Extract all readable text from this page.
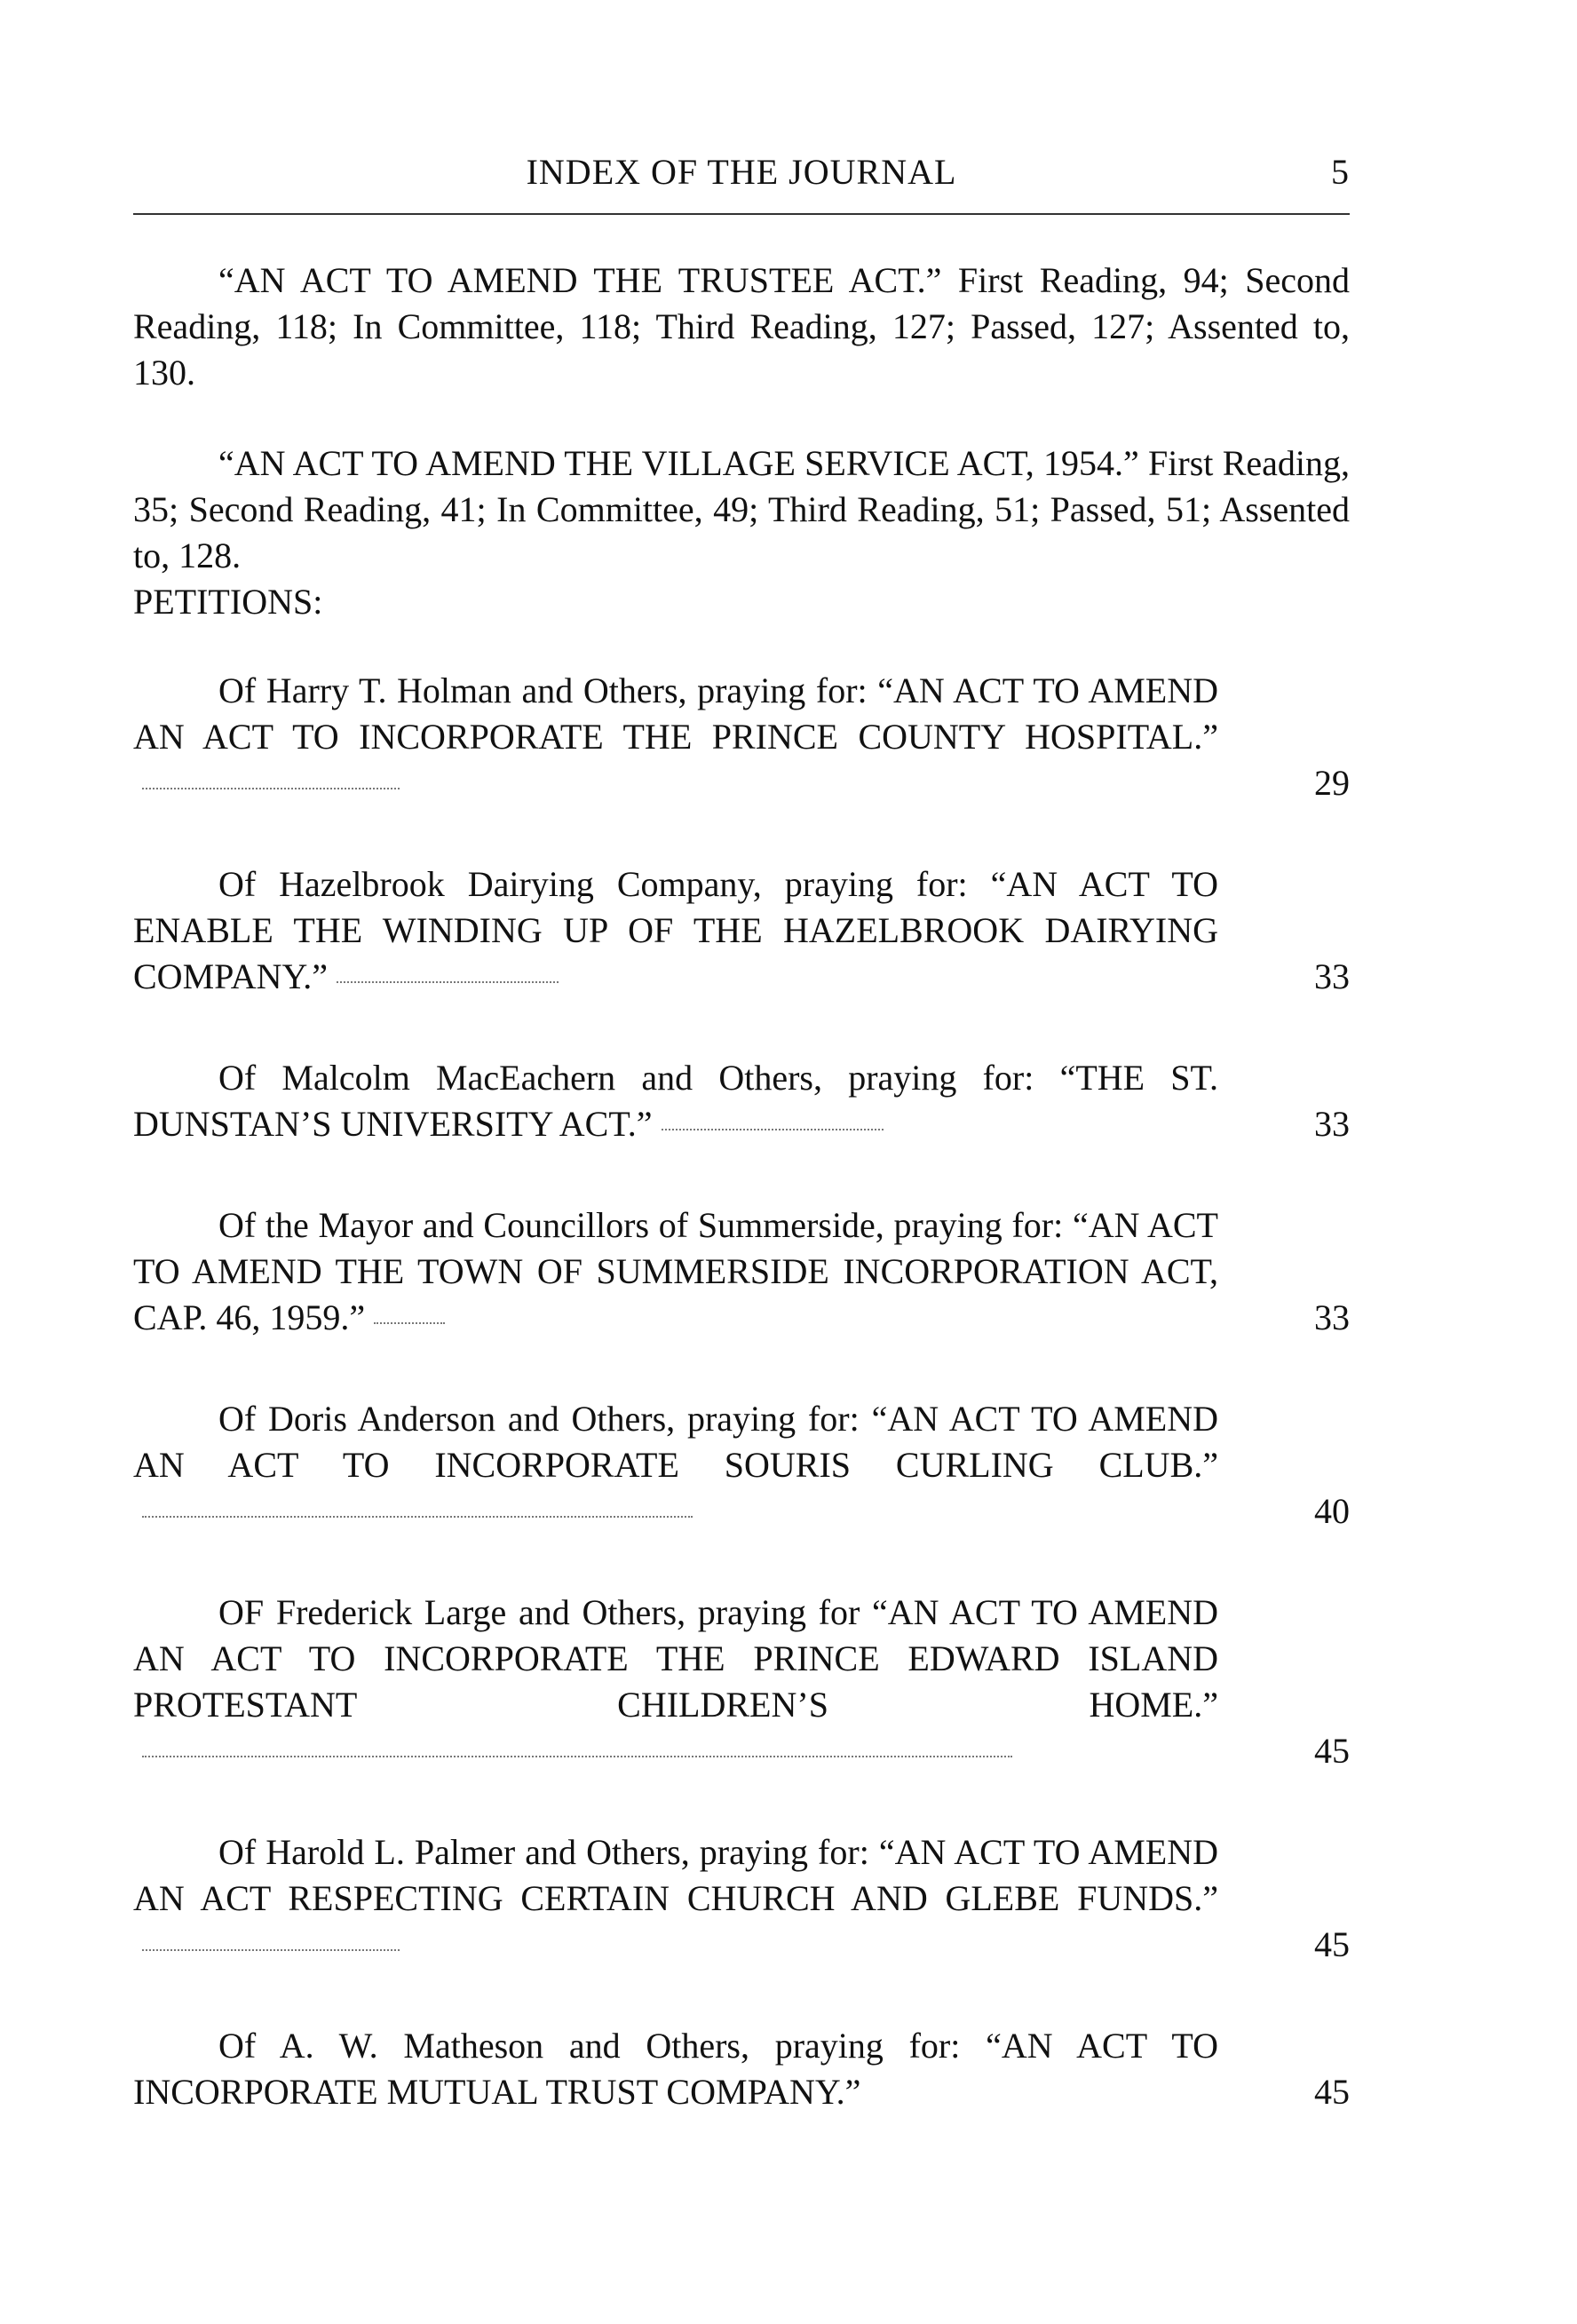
INDEX OF THE JOURNAL	5

“AN ACT TO AMEND THE TRUSTEE ACT.” First Reading, 94; Second Reading, 118; In Committee, 118; Third Reading, 127; Passed, 127; Assented to, 130.

“AN ACT TO AMEND THE VILLAGE SERVICE ACT, 1954.” First Reading, 35; Second Reading, 41; In Committee, 49; Third Reading, 51; Passed, 51; Assented to, 128.

PETITIONS:
Of Harry T. Holman and Others, praying for: “AN ACT TO AMEND AN ACT TO INCORPORATE THE PRINCE COUNTY HOSPITAL.”
29
Of Hazelbrook Dairying Company, praying for: “AN ACT TO ENABLE THE WINDING UP OF THE HAZELBROOK DAIRYING COMPANY.”	33
Of Malcolm MacEachern and Others, praying for: “THE ST. DUNSTAN’S UNIVERSITY ACT.”	33
Of the Mayor and Councillors of Summerside, praying for: “AN ACT TO AMEND THE TOWN OF SUMMERSIDE INCORPORATION ACT, CAP. 46, 1959.”	33
Of Doris Anderson and Others, praying for: “AN ACT TO AMEND AN ACT TO INCORPORATE SOURIS CURLING CLUB.”
40
OF Frederick Large and Others, praying for “AN ACT TO AMEND AN ACT TO INCORPORATE THE PRINCE EDWARD ISLAND PROTESTANT CHILDREN’S HOME.”
45
Of Harold L. Palmer and Others, praying for: “AN ACT TO AMEND AN ACT RESPECTING CERTAIN CHURCH AND GLEBE FUNDS.”
45
Of A. W. Matheson and Others, praying for: “AN ACT TO INCORPORATE MUTUAL TRUST COMPANY.”	45
